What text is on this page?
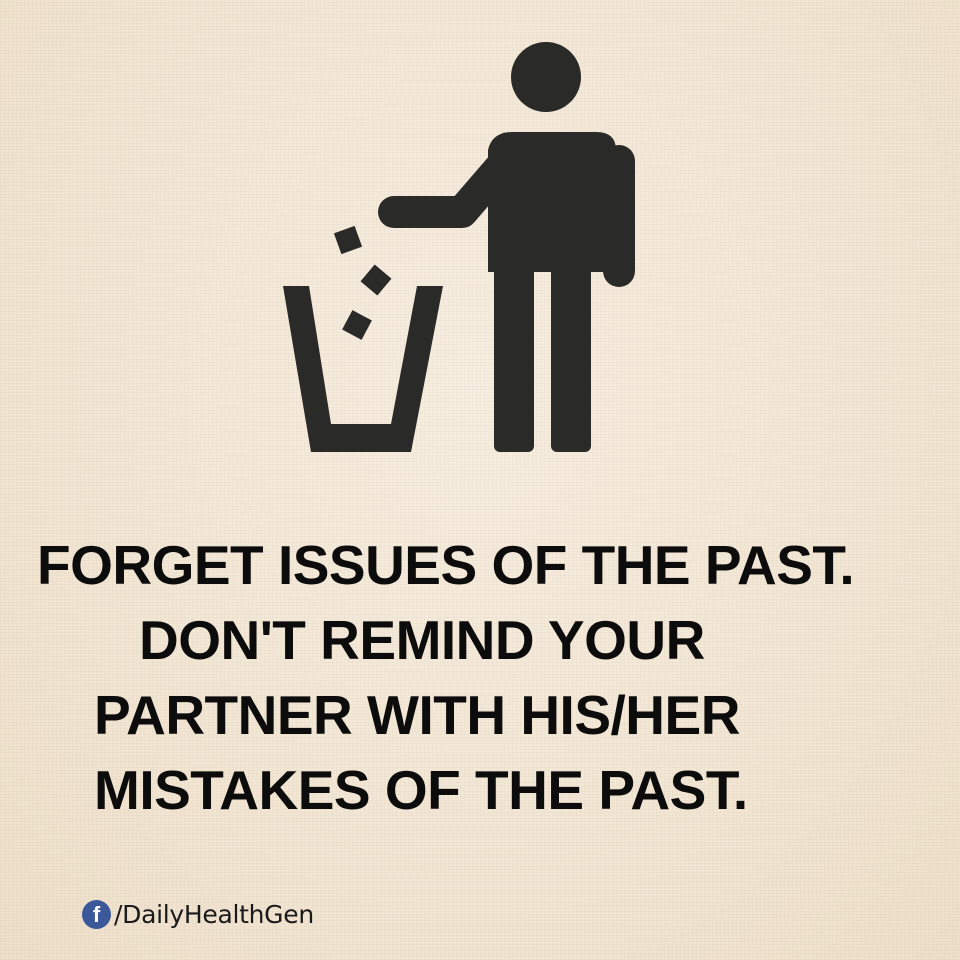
FORGET ISSUES OF THE PAST.
DON'T REMIND YOUR
PARTNER WITH HIS/HER
MISTAKES OF THE PAST.
f /DailyHealthGen
